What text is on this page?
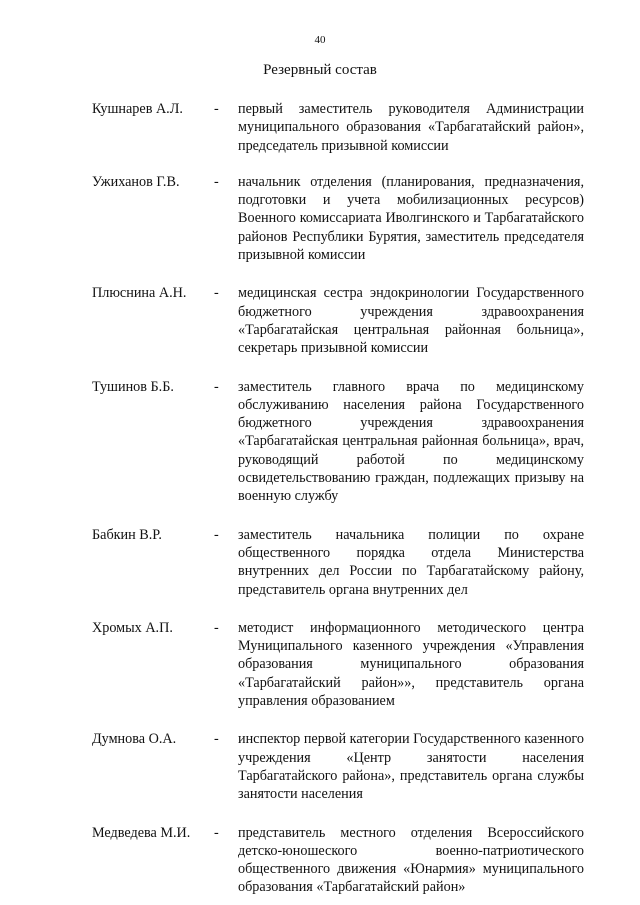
40
Резервный состав
Кушнарев А.Л.	-	первый заместитель руководителя Администрации муниципального образования «Тарбагатайский район», председатель призывной комиссии
Ужиханов Г.В.	-	начальник отделения (планирования, предназначения, подготовки и учета мобилизационных ресурсов) Военного комиссариата Иволгинского и Тарбагатайского районов Республики Бурятия, заместитель председателя призывной комиссии
Плюснина А.Н.	-	медицинская сестра эндокринологии Государственного бюджетного учреждения здравоохранения «Тарбагатайская центральная районная больница», секретарь призывной комиссии
Тушинов Б.Б.	-	заместитель главного врача по медицинскому обслуживанию населения района Государственного бюджетного учреждения здравоохранения «Тарбагатайская центральная районная больница», врач, руководящий работой по медицинскому освидетельствованию граждан, подлежащих призыву на военную службу
Бабкин В.Р.	-	заместитель начальника полиции по охране общественного порядка отдела Министерства внутренних дел России по Тарбагатайскому району, представитель органа внутренних дел
Хромых А.П.	-	методист информационного методического центра Муниципального казенного учреждения «Управления образования муниципального образования «Тарбагатайский район»», представитель органа управления образованием
Думнова О.А.	-	инспектор первой категории Государственного казенного учреждения «Центр занятости населения Тарбагатайского района», представитель органа службы занятости населения
Медведева М.И.	-	представитель местного отделения Всероссийского детско-юношеского военно-патриотического общественного движения «Юнармия» муниципального образования «Тарбагатайский район»
